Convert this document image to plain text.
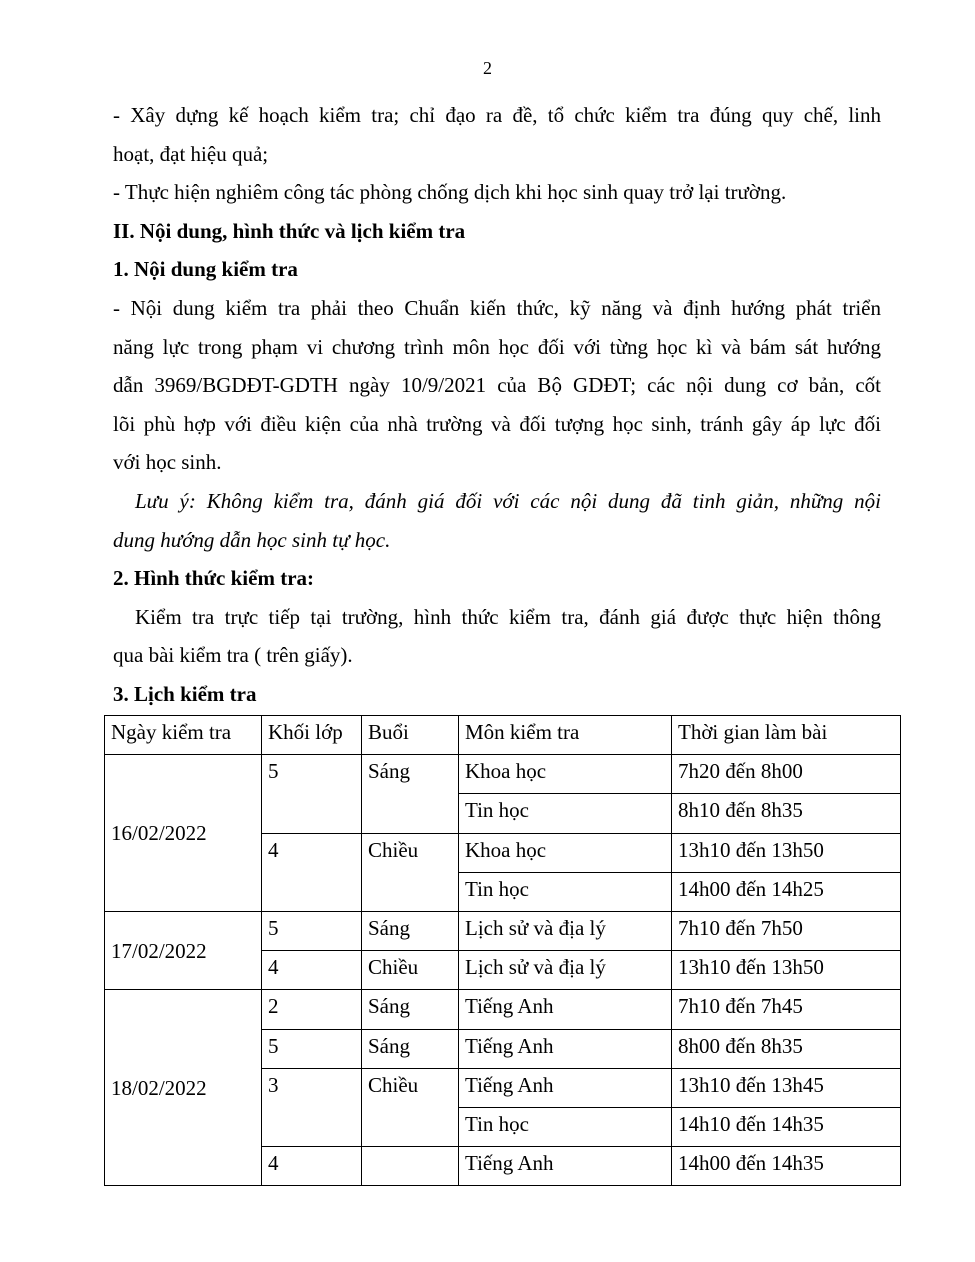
2

- Xây dựng kế hoạch kiểm tra; chỉ đạo ra đề, tổ chức kiểm tra đúng quy chế, linh

hoạt, đạt hiệu quả;

- Thực hiện nghiêm công tác phòng chống dịch khi học sinh quay trở lại trường.

II. Nội dung, hình thức và lịch kiểm tra

1. Nội dung kiểm tra

- Nội dung kiểm tra phải theo Chuẩn kiến thức, kỹ năng và định hướng phát triển

năng lực trong phạm vi chương trình môn học đối với từng học kì và bám sát hướng

dẫn 3969/BGDĐT-GDTH ngày 10/9/2021 của Bộ GDĐT; các nội dung cơ bản, cốt

lõi phù hợp với điều kiện của nhà trường và đối tượng học sinh, tránh gây áp lực đối

với học sinh.

Lưu ý: Không kiểm tra, đánh giá đối với các nội dung đã tinh giản, những nội

dung hướng dẫn học sinh tự học.

2. Hình thức kiểm tra:

Kiểm tra trực tiếp tại trường, hình thức kiểm tra, đánh giá được thực hiện thông

qua bài kiểm tra ( trên giấy).

3. Lịch kiểm tra

Ngày kiểm tra	Khối lớp	Buổi	Môn kiểm tra	Thời gian làm bài
16/02/2022	5	Sáng	Khoa học	7h20 đến 8h00
			Tin học	8h10 đến 8h35
	4	Chiều	Khoa học	13h10 đến 13h50
			Tin học	14h00 đến 14h25
17/02/2022	5	Sáng	Lịch sử và địa lý	7h10 đến 7h50
	4	Chiều	Lịch sử và địa lý	13h10 đến 13h50
18/02/2022	2	Sáng	Tiếng Anh	7h10 đến 7h45
	5	Sáng	Tiếng Anh	8h00 đến 8h35
	3	Chiều	Tiếng Anh	13h10 đến 13h45
			Tin học	14h10 đến 14h35
	4		Tiếng Anh	14h00 đến 14h35
